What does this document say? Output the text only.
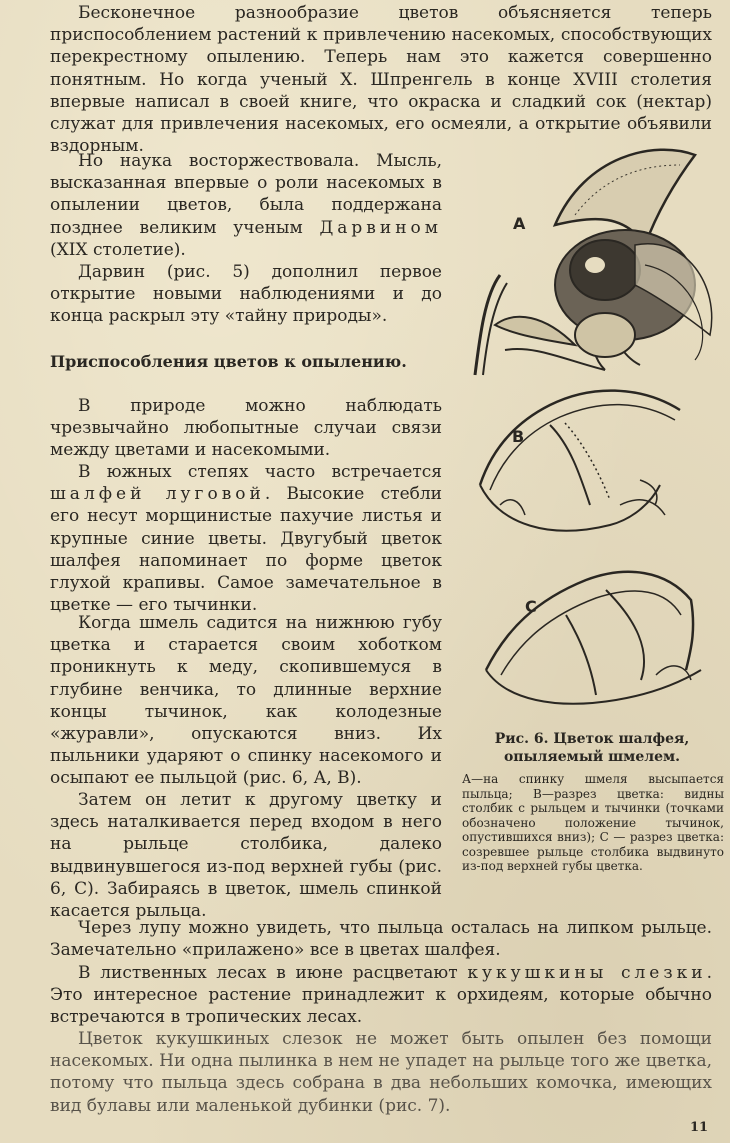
Бесконечное разнообразие цветов объясняется теперь приспособлением растений к привлечению насекомых, способствующих перекрестному опылению. Теперь нам это кажется совершенно понятным. Но когда ученый Х. Шпренгель в конце XVIII столетия впервые написал в своей книге, что окраска и сладкий сок (нектар) служат для привлечения насекомых, его осмеяли, а открытие объявили вздорным.

Но наука восторжествовала. Мысль, высказанная впервые о роли насекомых в опылении цветов, была поддержана позднее великим ученым Дарвином (XIX столетие).

Дарвин (рис. 5) дополнил первое открытие новыми наблюдениями и до конца раскрыл эту «тайну природы».

Приспособления цветов к опылению.

В природе можно наблюдать чрезвычайно любопытные случаи связи между цветами и насекомыми.

В южных степях часто встречается шалфей луговой. Высокие стебли его несут морщинистые пахучие листья и крупные синие цветы. Двугубый цветок шалфея напоминает по форме цветок глухой крапивы. Самое замечательное в цветке — его тычинки.

Когда шмель садится на нижнюю губу цветка и старается своим хоботком проникнуть к меду, скопившемуся в глубине венчика, то длинные верхние концы тычинок, как колодезные «журавли», опускаются вниз. Их пыльники ударяют о спинку насекомого и осыпают ее пыльцой (рис. 6, А, В).

Затем он летит к другому цветку и здесь наталкивается перед входом в него на рыльце столбика, далеко выдвинувшегося из-под верхней губы (рис. 6, С). Забираясь в цветок, шмель спинкой касается рыльца.

Через лупу можно увидеть, что пыльца осталась на липком рыльце. Замечательно «прилажено» все в цветах шалфея.

В лиственных лесах в июне расцветают кукушкины слезки. Это интересное растение принадлежит к орхидеям, которые обычно встречаются в тропических лесах.

Цветок кукушкиных слезок не может быть опылен без помощи насекомых. Ни одна пылинка в нем не упадет на рыльце того же цветка, потому что пыльца здесь собрана в два небольших комочка, имеющих вид булавы или маленькой дубинки (рис. 7).

A
B
C

Рис. 6. Цветок шалфея, опыляемый шмелем.

А—на спинку шмеля высыпается пыльца; В—разрез цветка: видны столбик с рыльцем и тычинки (точками обозначено положение тычинок, опустившихся вниз); С — разрез цветка: созревшее рыльце столбика выдвинуто из-под верхней губы цветка.

11
